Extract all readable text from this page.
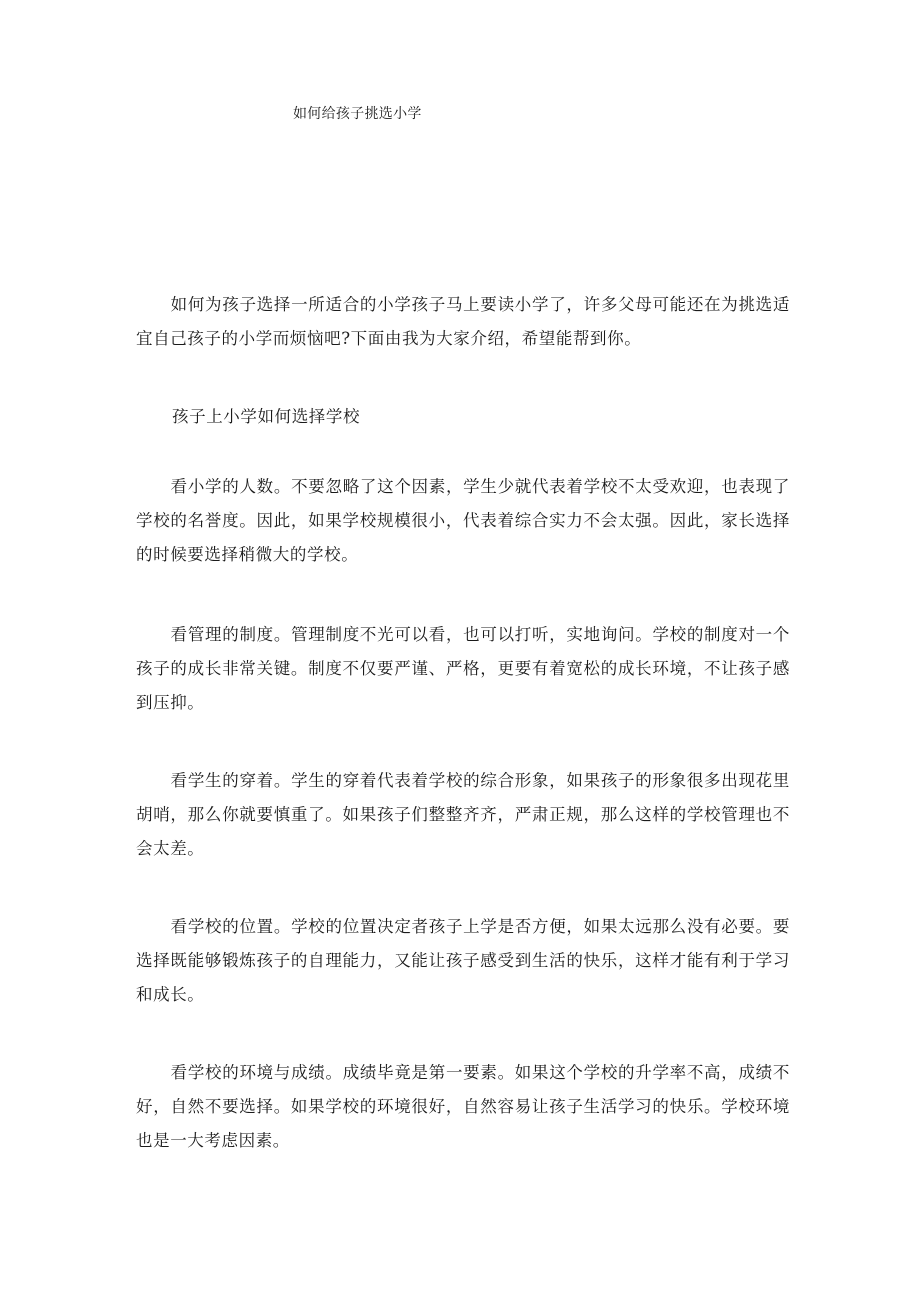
如何给孩子挑选小学

如何为孩子选择一所适合的小学孩子马上要读小学了，许多父母可能还在为挑选适宜自己孩子的小学而烦恼吧?下面由我为大家介绍，希望能帮到你。

孩子上小学如何选择学校

看小学的人数。不要忽略了这个因素，学生少就代表着学校不太受欢迎，也表现了学校的名誉度。因此，如果学校规模很小，代表着综合实力不会太强。因此，家长选择的时候要选择稍微大的学校。

看管理的制度。管理制度不光可以看，也可以打听，实地询问。学校的制度对一个孩子的成长非常关键。制度不仅要严谨、严格，更要有着宽松的成长环境，不让孩子感到压抑。

看学生的穿着。学生的穿着代表着学校的综合形象，如果孩子的形象很多出现花里胡哨，那么你就要慎重了。如果孩子们整整齐齐，严肃正规，那么这样的学校管理也不会太差。

看学校的位置。学校的位置决定者孩子上学是否方便，如果太远那么没有必要。要选择既能够锻炼孩子的自理能力，又能让孩子感受到生活的快乐，这样才能有利于学习和成长。

看学校的环境与成绩。成绩毕竟是第一要素。如果这个学校的升学率不高，成绩不好，自然不要选择。如果学校的环境很好，自然容易让孩子生活学习的快乐。学校环境也是一大考虑因素。
